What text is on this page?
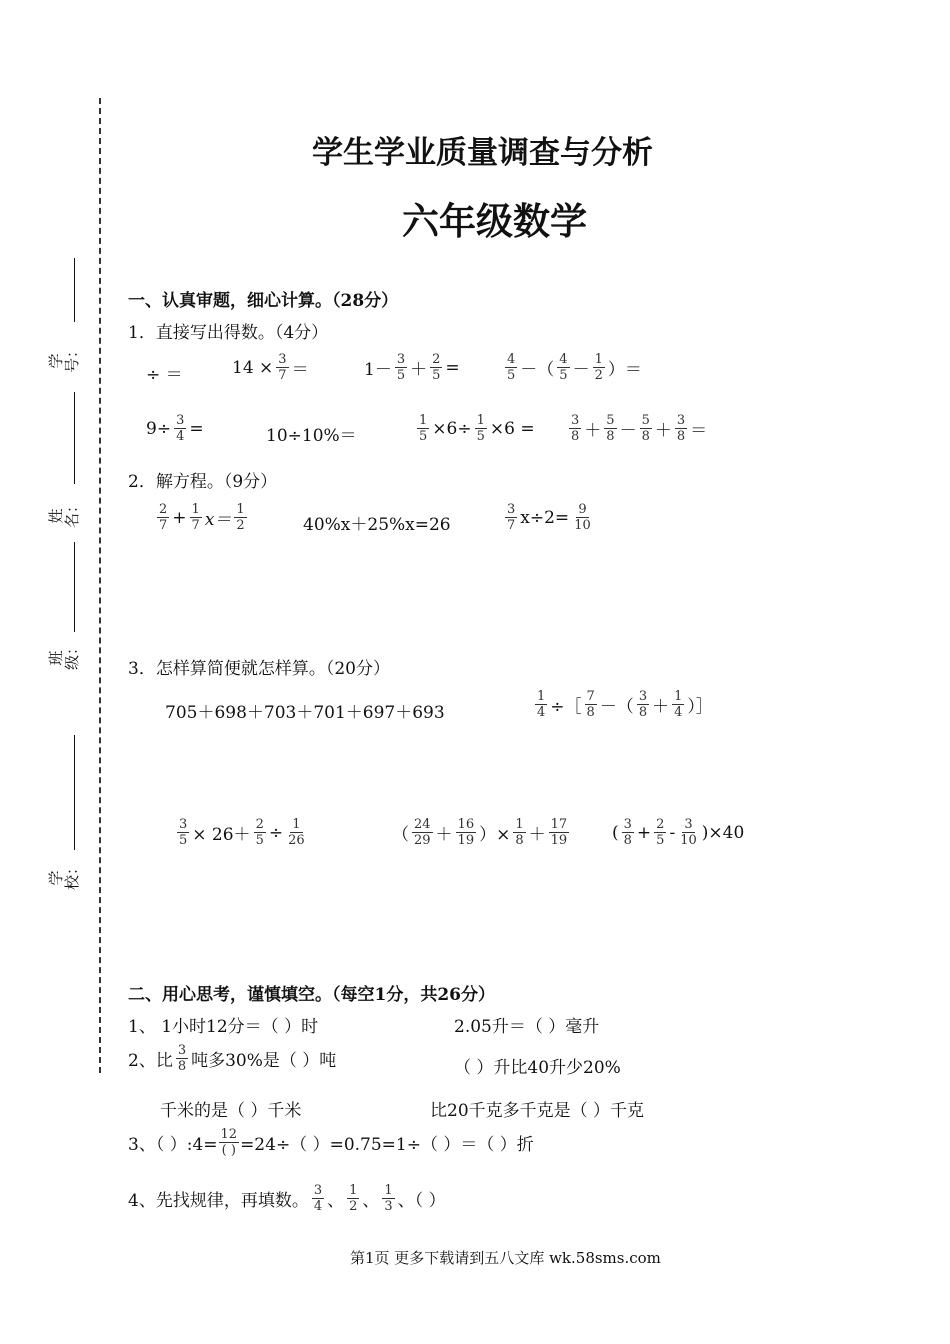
学号：
姓名：
班级：
学校：
学生学业质量调查与分析
六年级数学
一、认真审题，细心计算。（28分）
1．直接写出得数。（4分）
÷ ＝	$14 \times \frac{3}{7}$ ＝	1－
3
$5 + \frac{2}{5}$ =	4
5 －（
4
5 －
1
2 ）＝
$9\div \frac{3}{4}$ =	10÷10%＝	$\frac{1}{5} \times 6\div \frac{1}{5} \times 6$ =	3
8 ＋
5
8 －
5
8 ＋
3
8 ＝
2．解方程。（9分）
2
$7 + \frac{1}{7} x=$
1
2	40%x＋25%x=26
3
7 $x\div 2= \frac{9}{10}$
3．怎样算简便就怎样算。（20分）
705＋698＋703＋701＋697＋693	$\frac{1}{4}$ ÷［
7
8 －（
3
8 ＋
1
4 ）］
$\frac{3}{5} \times 26+ \frac{2}{5} \div \frac{1}{26}$	（
24
29 ＋
16
19 ）× $\frac{1}{8}$ ＋
17
19	( 3
$8 + \frac{2}{5} - 3$
10 )×40
二、用心思考，谨慎填空。（每空1分，共26分）
1、 1小时12分＝（ ）时	2.05升＝（ ）毫升
2、比
3
8 吨多30%是（ ）吨	（ ）升比40升少20%
千米的是（ ）千米	比20千克多千克是（ ）千克
3、（ ）:4=
12
( ) =24÷（ ）=0.75=1÷（ ）＝（ ）折
4、先找规律，再填数。
3
4 、
1
2 、
1
3 、（ ）
第1页 更多下载请到五八文库 wk.58sms.com
